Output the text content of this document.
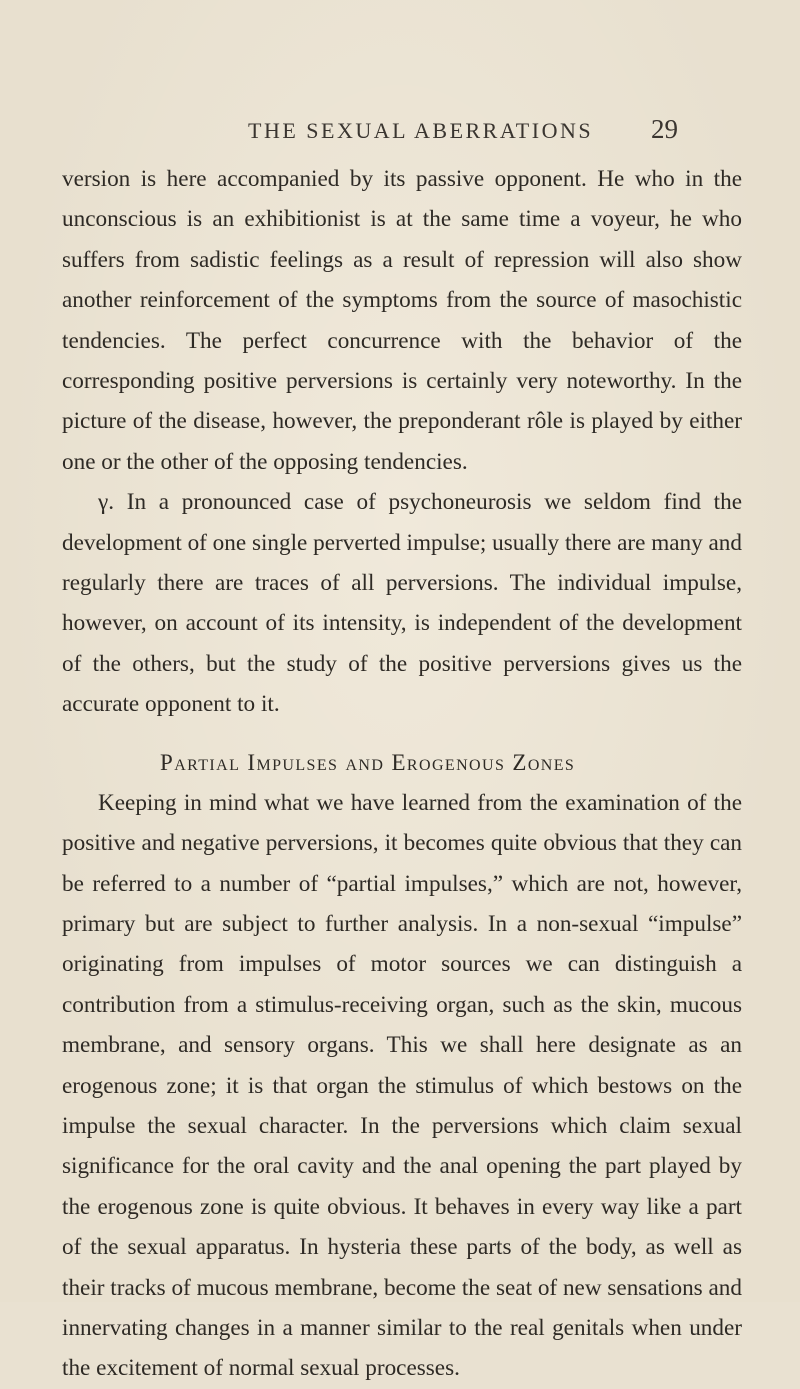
THE SEXUAL ABERRATIONS 29

version is here accompanied by its passive opponent. He who in the unconscious is an exhibitionist is at the same time a voyeur, he who suffers from sadistic feelings as a result of repression will also show another reinforcement of the symptoms from the source of masochistic tendencies. The perfect concurrence with the behavior of the corresponding positive perversions is certainly very noteworthy. In the picture of the disease, however, the preponderant rôle is played by either one or the other of the opposing tendencies.

γ. In a pronounced case of psychoneurosis we seldom find the development of one single perverted impulse; usually there are many and regularly there are traces of all perversions. The individual impulse, however, on account of its intensity, is independent of the development of the others, but the study of the positive perversions gives us the accurate opponent to it.

Partial Impulses and Erogenous Zones

Keeping in mind what we have learned from the examination of the positive and negative perversions, it becomes quite obvious that they can be referred to a number of “partial impulses,” which are not, however, primary but are subject to further analysis. In a non-sexual “impulse” originating from impulses of motor sources we can distinguish a contribution from a stimulus-receiving organ, such as the skin, mucous membrane, and sensory organs. This we shall here designate as an erogenous zone; it is that organ the stimulus of which bestows on the impulse the sexual character. In the perversions which claim sexual significance for the oral cavity and the anal opening the part played by the erogenous zone is quite obvious. It behaves in every way like a part of the sexual apparatus. In hysteria these parts of the body, as well as their tracks of mucous membrane, become the seat of new sensations and innervating changes in a manner similar to the real genitals when under the excitement of normal sexual processes.
